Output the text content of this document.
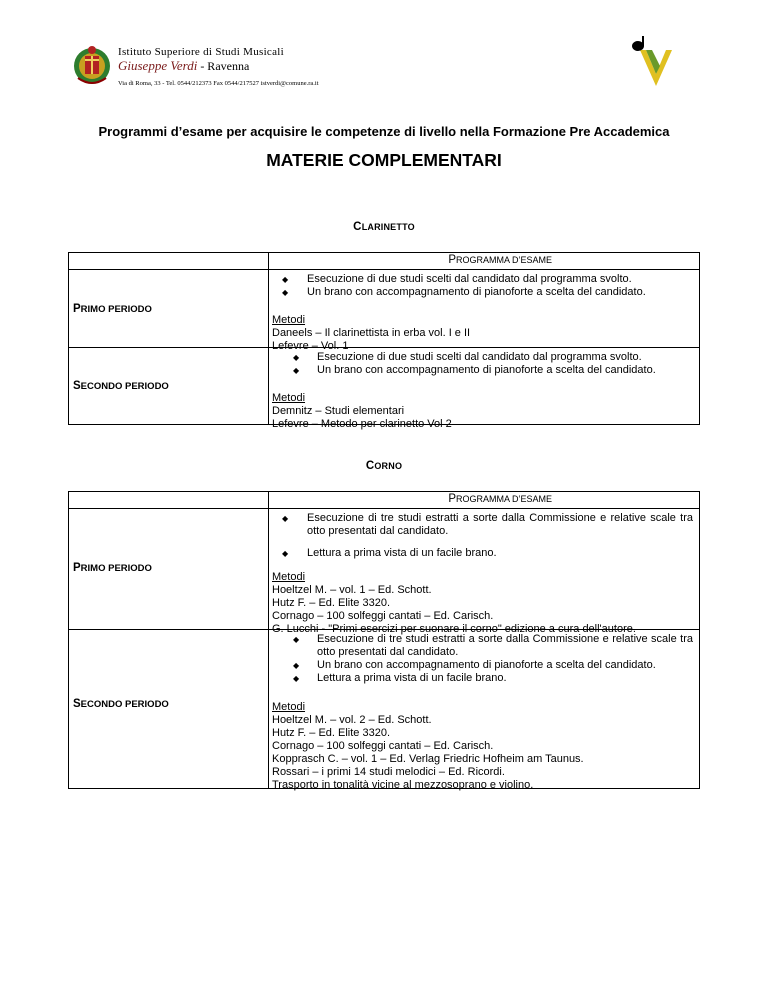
Istituto Superiore di Studi Musicali
Giuseppe Verdi - Ravenna
Via di Roma, 33 - Tel. 0544/212373 Fax 0544/217527 istverdi@comune.ra.it
Programmi d’esame per acquisire le competenze di livello nella Formazione Pre Accademica
MATERIE COMPLEMENTARI
CLARINETTO
PROGRAMMA D’ESAME
PRIMO PERIODO
◆ Esecuzione di due studi scelti dal candidato dal programma svolto.
◆ Un brano con accompagnamento di pianoforte a scelta del candidato.
Metodi
Daneels – Il clarinettista in erba vol. I e II
Lefevre – Vol. 1
SECONDO PERIODO
◆ Esecuzione di due studi scelti dal candidato dal programma svolto.
◆ Un brano con accompagnamento di pianoforte a scelta del candidato.
Metodi
Demnitz – Studi elementari
Lefevre – Metodo per clarinetto Vol 2
CORNO
PROGRAMMA D’ESAME
PRIMO PERIODO
◆ Esecuzione di tre studi estratti a sorte dalla Commissione e relative scale tra otto presentati dal candidato.
◆ Lettura a prima vista di un facile brano.
Metodi
Hoeltzel M. – vol. 1 – Ed. Schott.
Hutz F. – Ed. Elite 3320.
Cornago – 100 solfeggi cantati – Ed. Carisch.
G. Lucchi - "Primi esercizi per suonare il corno" edizione a cura dell'autore.
SECONDO PERIODO
◆ Esecuzione di tre studi estratti a sorte dalla Commissione e relative scale tra otto presentati dal candidato.
◆ Un brano con accompagnamento di pianoforte a scelta del candidato.
◆ Lettura a prima vista di un facile brano.
Metodi
Hoeltzel M. – vol. 2 – Ed. Schott.
Hutz F. – Ed. Elite 3320.
Cornago – 100 solfeggi cantati – Ed. Carisch.
Kopprasch C. – vol. 1 – Ed. Verlag Friedric Hofheim am Taunus.
Rossari – i primi 14 studi melodici – Ed. Ricordi.
Trasporto in tonalità vicine al mezzosoprano e violino.
